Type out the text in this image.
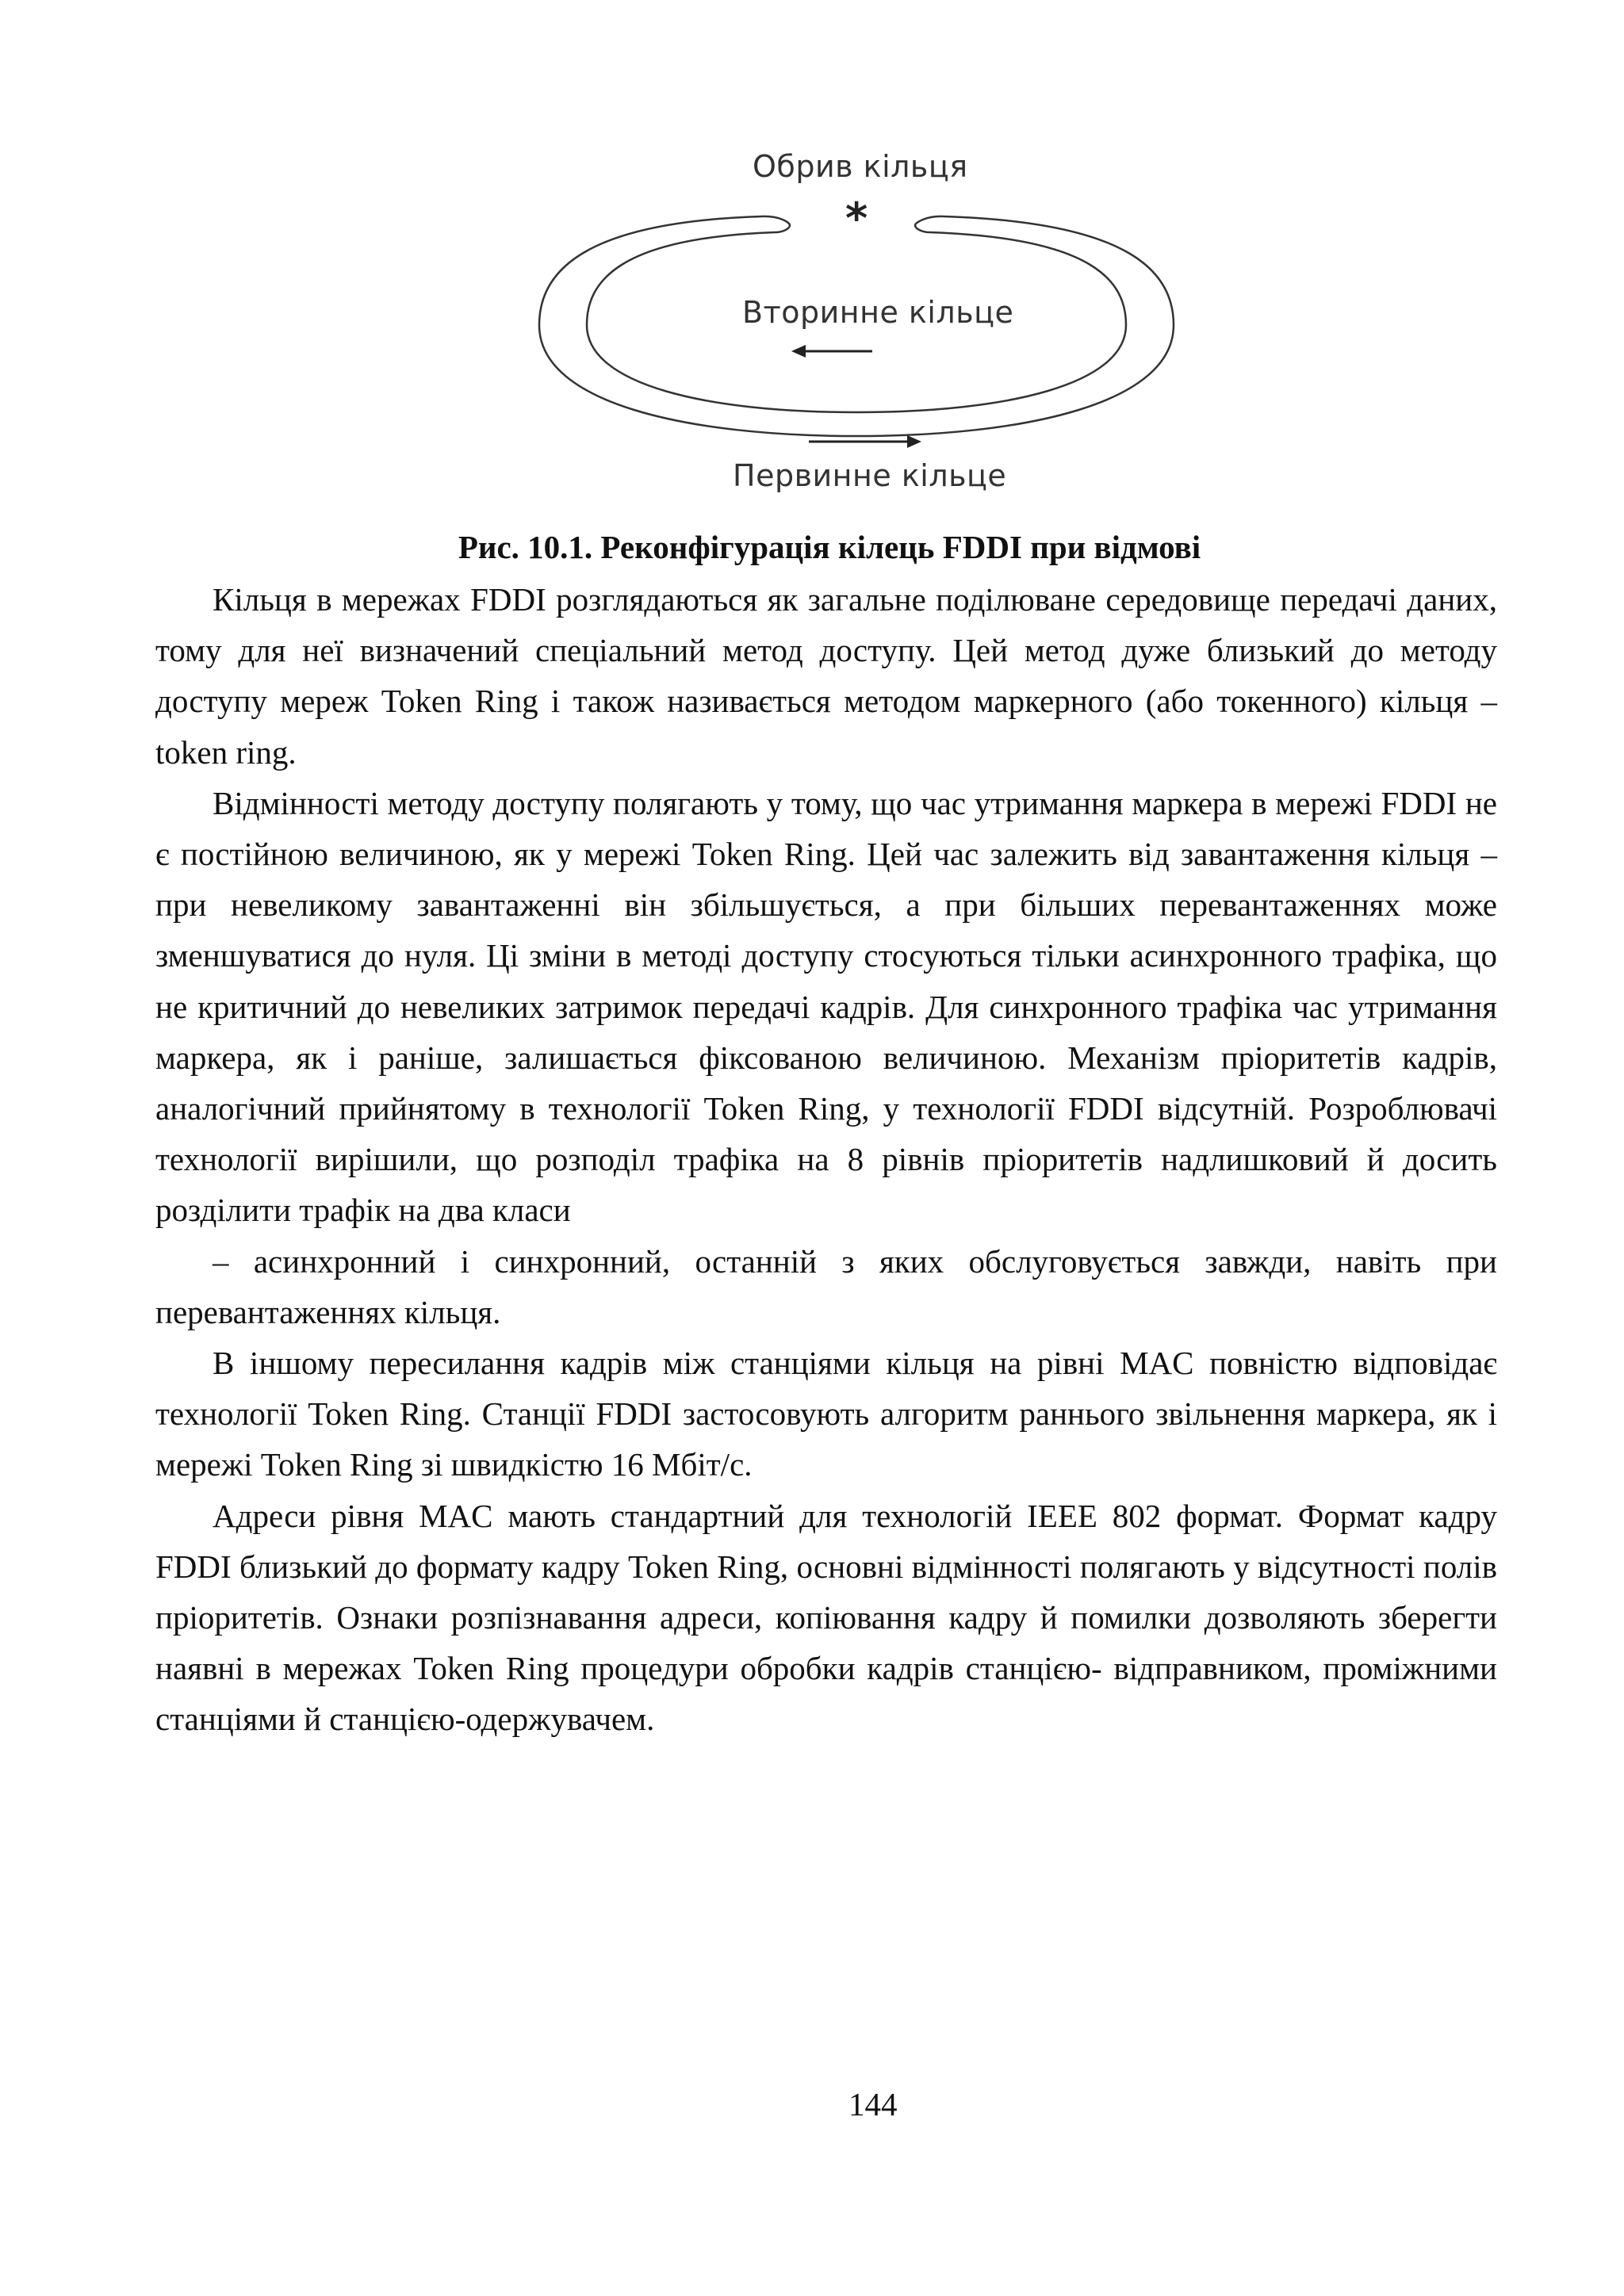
Обрив кільця
*
Вторинне кільце
Первинне кільце
Рис. 10.1. Реконфігурація кілець FDDI при відмові

Кільця в мережах FDDI розглядаються як загальне поділюване середовище передачі даних, тому для неї визначений спеціальний метод доступу. Цей метод дуже близький до методу доступу мереж Token Ring і також називається методом маркерного (або токенного) кільця – token ring.

Відмінності методу доступу полягають у тому, що час утримання маркера в мережі FDDI не є постійною величиною, як у мережі Token Ring. Цей час залежить від завантаження кільця – при невеликому завантаженні він збільшується, а при більших перевантаженнях може зменшуватися до нуля. Ці зміни в методі доступу стосуються тільки асинхронного трафіка, що не критичний до невеликих затримок передачі кадрів. Для синхронного трафіка час утримання маркера, як і раніше, залишається фіксованою величиною. Механізм пріоритетів кадрів, аналогічний прийнятому в технології Token Ring, у технології FDDI відсутній. Розроблювачі технології вирішили, що розподіл трафіка на 8 рівнів пріоритетів надлишковий й досить розділити трафік на два класи

– асинхронний і синхронний, останній з яких обслуговується завжди, навіть при перевантаженнях кільця.

В іншому пересилання кадрів між станціями кільця на рівні MAC повністю відповідає технології Token Ring. Станції FDDI застосовують алгоритм раннього звільнення маркера, як і мережі Token Ring зі швидкістю 16 Мбіт/с.

Адреси рівня MAC мають стандартний для технологій IEEE 802 формат. Формат кадру FDDI близький до формату кадру Token Ring, основні відмінності полягають у відсутності полів пріоритетів. Ознаки розпізнавання адреси, копіювання кадру й помилки дозволяють зберегти наявні в мережах Token Ring процедури обробки кадрів станцією- відправником, проміжними станціями й станцією-одержувачем.

144
